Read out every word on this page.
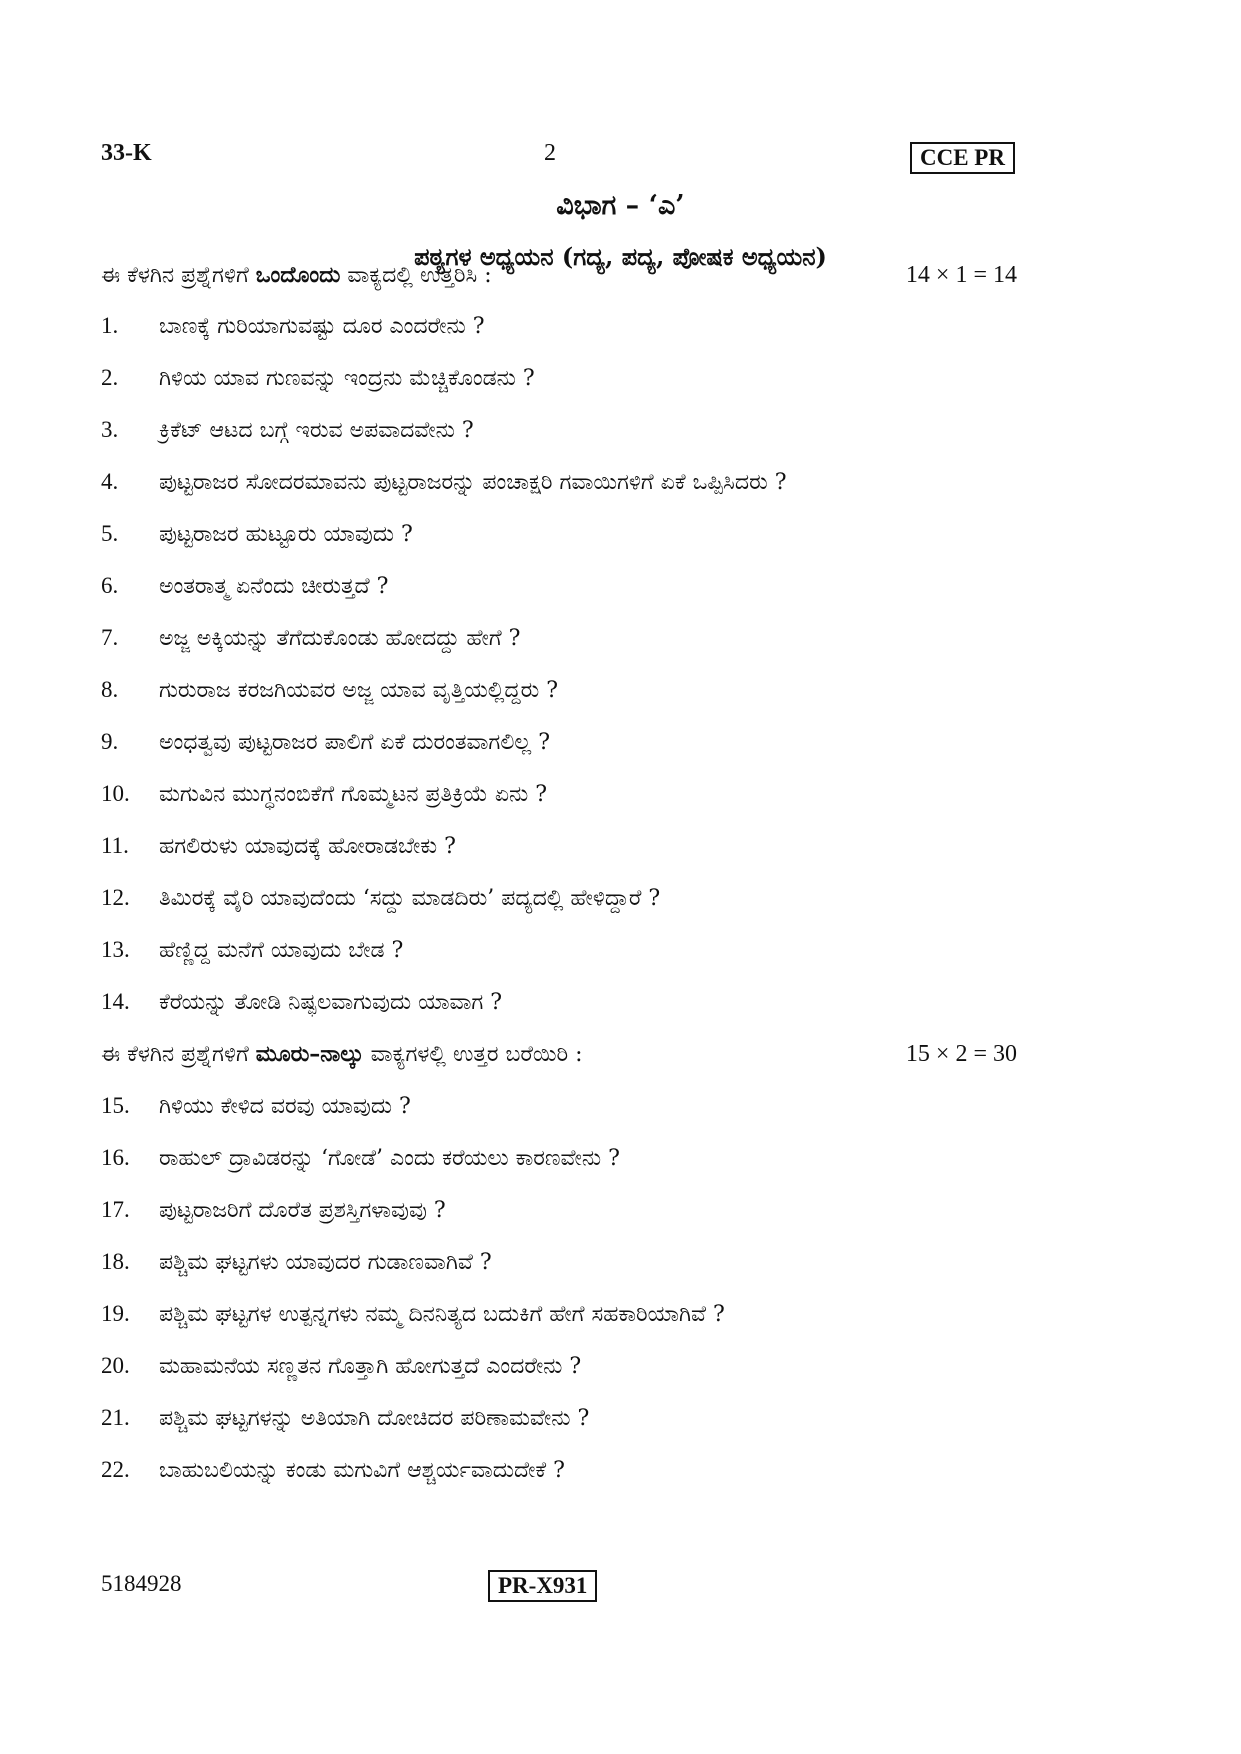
33-K	2	CCE PR
ವಿಭಾಗ – ‘ಎ’
ಪಠ್ಯಗಳ ಅಧ್ಯಯನ (ಗದ್ಯ, ಪದ್ಯ, ಪೋಷಕ ಅಧ್ಯಯನ)
ಈ ಕೆಳಗಿನ ಪ್ರಶ್ನೆಗಳಿಗೆ ಒಂದೊಂದು ವಾಕ್ಯದಲ್ಲಿ ಉತ್ತರಿಸಿ :	14 × 1 = 14
1. ಬಾಣಕ್ಕೆ ಗುರಿಯಾಗುವಷ್ಟು ದೂರ ಎಂದರೇನು ?
2. ಗಿಳಿಯ ಯಾವ ಗುಣವನ್ನು ಇಂದ್ರನು ಮೆಚ್ಚಿಕೊಂಡನು ?
3. ಕ್ರಿಕೆಟ್ ಆಟದ ಬಗ್ಗೆ ಇರುವ ಅಪವಾದವೇನು ?
4. ಪುಟ್ಟರಾಜರ ಸೋದರಮಾವನು ಪುಟ್ಟರಾಜರನ್ನು ಪಂಚಾಕ್ಷರಿ ಗವಾಯಿಗಳಿಗೆ ಏಕೆ ಒಪ್ಪಿಸಿದರು ?
5. ಪುಟ್ಟರಾಜರ ಹುಟ್ಟೂರು ಯಾವುದು ?
6. ಅಂತರಾತ್ಮ ಏನೆಂದು ಚೀರುತ್ತದೆ ?
7. ಅಜ್ಜ ಅಕ್ಕಿಯನ್ನು ತೆಗೆದುಕೊಂಡು ಹೋದದ್ದು ಹೇಗೆ ?
8. ಗುರುರಾಜ ಕರಜಗಿಯವರ ಅಜ್ಜ ಯಾವ ವೃತ್ತಿಯಲ್ಲಿದ್ದರು ?
9. ಅಂಧತ್ವವು ಪುಟ್ಟರಾಜರ ಪಾಲಿಗೆ ಏಕೆ ದುರಂತವಾಗಲಿಲ್ಲ ?
10. ಮಗುವಿನ ಮುಗ್ಧನಂಬಿಕೆಗೆ ಗೊಮ್ಮಟನ ಪ್ರತಿಕ್ರಿಯೆ ಏನು ?
11. ಹಗಲಿರುಳು ಯಾವುದಕ್ಕೆ ಹೋರಾಡಬೇಕು ?
12. ತಿಮಿರಕ್ಕೆ ವೈರಿ ಯಾವುದೆಂದು ‘ಸದ್ದು ಮಾಡದಿರು’ ಪದ್ಯದಲ್ಲಿ ಹೇಳಿದ್ದಾರೆ ?
13. ಹೆಣ್ಣಿದ್ದ ಮನೆಗೆ ಯಾವುದು ಬೇಡ ?
14. ಕೆರೆಯನ್ನು ತೋಡಿ ನಿಷ್ಫಲವಾಗುವುದು ಯಾವಾಗ ?
ಈ ಕೆಳಗಿನ ಪ್ರಶ್ನೆಗಳಿಗೆ ಮೂರು–ನಾಲ್ಕು ವಾಕ್ಯಗಳಲ್ಲಿ ಉತ್ತರ ಬರೆಯಿರಿ :	15 × 2 = 30
15. ಗಿಳಿಯು ಕೇಳಿದ ವರವು ಯಾವುದು ?
16. ರಾಹುಲ್ ದ್ರಾವಿಡರನ್ನು ‘ಗೋಡೆ’ ಎಂದು ಕರೆಯಲು ಕಾರಣವೇನು ?
17. ಪುಟ್ಟರಾಜರಿಗೆ ದೊರೆತ ಪ್ರಶಸ್ತಿಗಳಾವುವು ?
18. ಪಶ್ಚಿಮ ಘಟ್ಟಗಳು ಯಾವುದರ ಗುಡಾಣವಾಗಿವೆ ?
19. ಪಶ್ಚಿಮ ಘಟ್ಟಗಳ ಉತ್ಪನ್ನಗಳು ನಮ್ಮ ದಿನನಿತ್ಯದ ಬದುಕಿಗೆ ಹೇಗೆ ಸಹಕಾರಿಯಾಗಿವೆ ?
20. ಮಹಾಮನೆಯ ಸಣ್ಣತನ ಗೊತ್ತಾಗಿ ಹೋಗುತ್ತದೆ ಎಂದರೇನು ?
21. ಪಶ್ಚಿಮ ಘಟ್ಟಗಳನ್ನು ಅತಿಯಾಗಿ ದೋಚಿದರ ಪರಿಣಾಮವೇನು ?
22. ಬಾಹುಬಲಿಯನ್ನು ಕಂಡು ಮಗುವಿಗೆ ಆಶ್ಚರ್ಯವಾದುದೇಕೆ ?
5184928	PR-X931
